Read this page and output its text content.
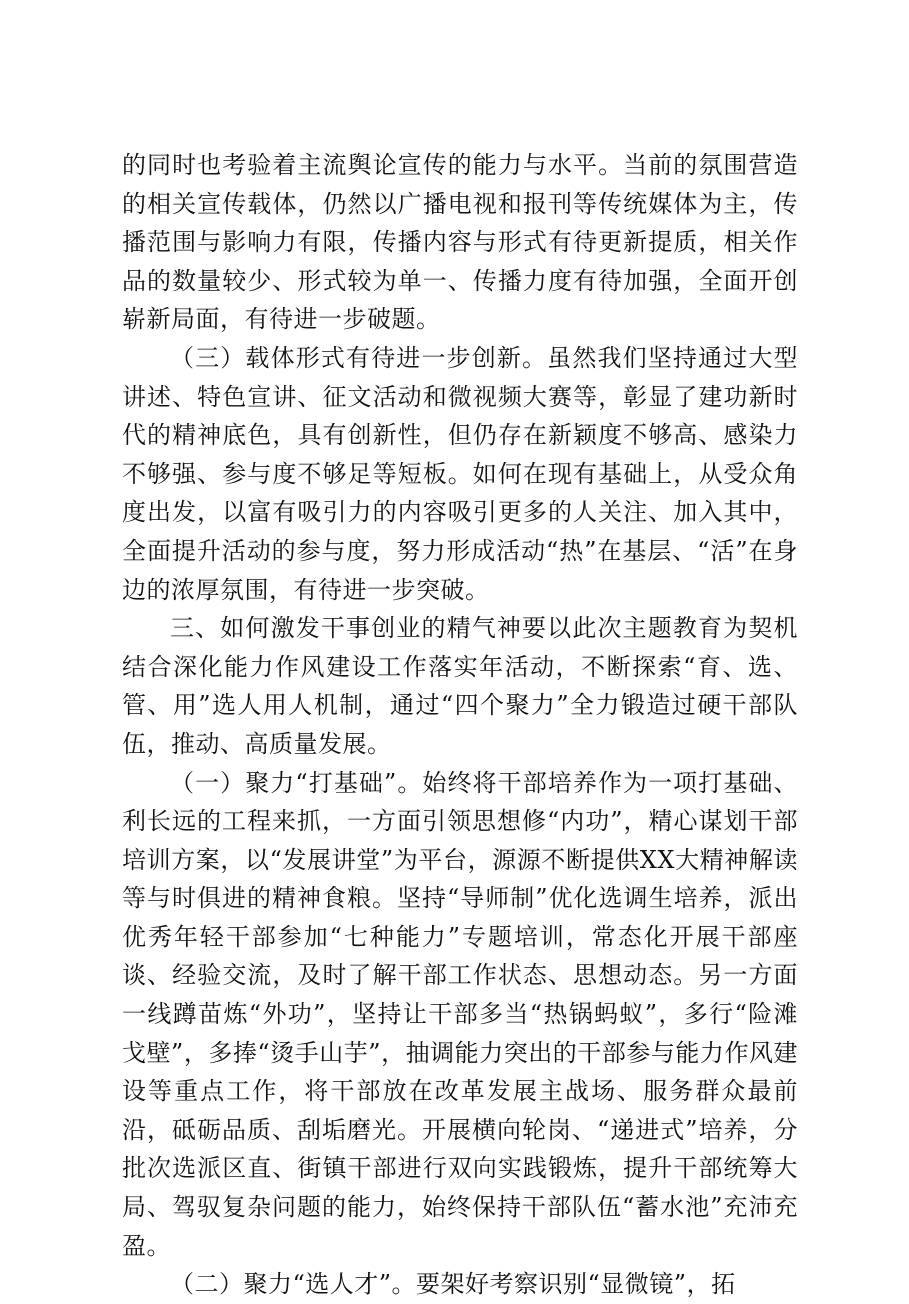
的同时也考验着主流舆论宣传的能力与水平。当前的氛围营造的相关宣传载体，仍然以广播电视和报刊等传统媒体为主，传播范围与影响力有限，传播内容与形式有待更新提质，相关作品的数量较少、形式较为单一、传播力度有待加强，全面开创崭新局面，有待进一步破题。

（三）载体形式有待进一步创新。虽然我们坚持通过大型讲述、特色宣讲、征文活动和微视频大赛等，彰显了建功新时代的精神底色，具有创新性，但仍存在新颖度不够高、感染力不够强、参与度不够足等短板。如何在现有基础上，从受众角度出发，以富有吸引力的内容吸引更多的人关注、加入其中，全面提升活动的参与度，努力形成活动“热”在基层、“活”在身边的浓厚氛围，有待进一步突破。

三、如何激发干事创业的精气神要以此次主题教育为契机结合深化能力作风建设工作落实年活动，不断探索“育、选、管、用”选人用人机制，通过“四个聚力”全力锻造过硬干部队伍，推动、高质量发展。

（一）聚力“打基础”。始终将干部培养作为一项打基础、利长远的工程来抓，一方面引领思想修“内功”，精心谋划干部培训方案，以“发展讲堂”为平台，源源不断提供XX大精神解读等与时俱进的精神食粮。坚持“导师制”优化选调生培养，派出优秀年轻干部参加“七种能力”专题培训，常态化开展干部座谈、经验交流，及时了解干部工作状态、思想动态。另一方面一线蹲苗炼“外功”，坚持让干部多当“热锅蚂蚁”，多行“险滩戈壁”，多捧“烫手山芋”，抽调能力突出的干部参与能力作风建设等重点工作，将干部放在改革发展主战场、服务群众最前沿，砥砺品质、刮垢磨光。开展横向轮岗、“递进式”培养，分批次选派区直、街镇干部进行双向实践锻炼，提升干部统筹大局、驾驭复杂问题的能力，始终保持干部队伍“蓄水池”充沛充盈。

（二）聚力“选人才”。要架好考察识别“显微镜”，拓
